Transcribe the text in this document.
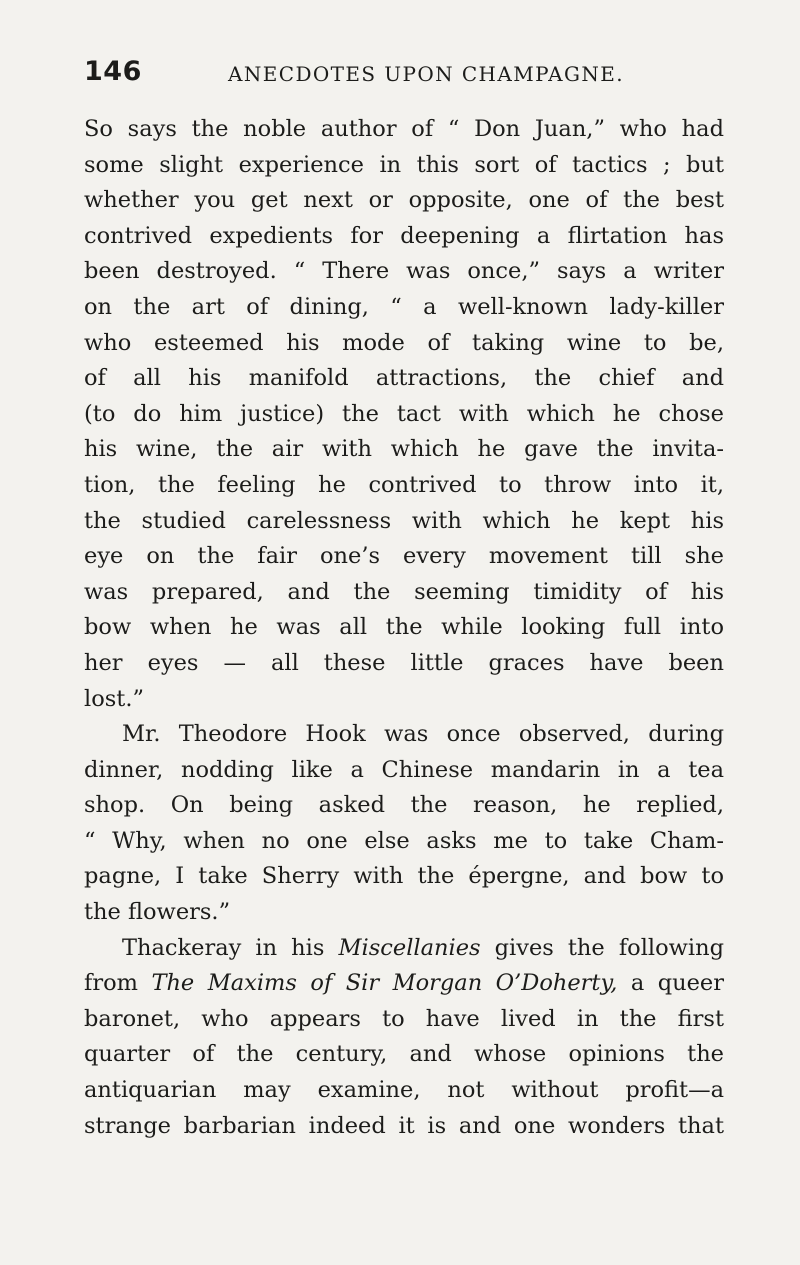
146	ANECDOTES UPON CHAMPAGNE.
So says the noble author of “ Don Juan,” who had
some slight experience in this sort of tactics ; but
whether you get next or opposite, one of the best
contrived expedients for deepening a flirtation has
been destroyed. “ There was once,” says a writer
on the art of dining, “ a well-known lady-killer
who esteemed his mode of taking wine to be,
of all his manifold attractions, the chief and
(to do him justice) the tact with which he chose
his wine, the air with which he gave the invita-
tion, the feeling he contrived to throw into it,
the studied carelessness with which he kept his
eye on the fair one’s every movement till she
was prepared, and the seeming timidity of his
bow when he was all the while looking full into
her eyes — all these little graces have been
lost.”
Mr. Theodore Hook was once observed, during
dinner, nodding like a Chinese mandarin in a tea
shop. On being asked the reason, he replied,
“ Why, when no one else asks me to take Cham-
pagne, I take Sherry with the épergne, and bow to
the flowers.”
Thackeray in his Miscellanies gives the following
from The Maxims of Sir Morgan O’Doherty, a queer
baronet, who appears to have lived in the first
quarter of the century, and whose opinions the
antiquarian may examine, not without profit—a
strange barbarian indeed it is and one wonders that
